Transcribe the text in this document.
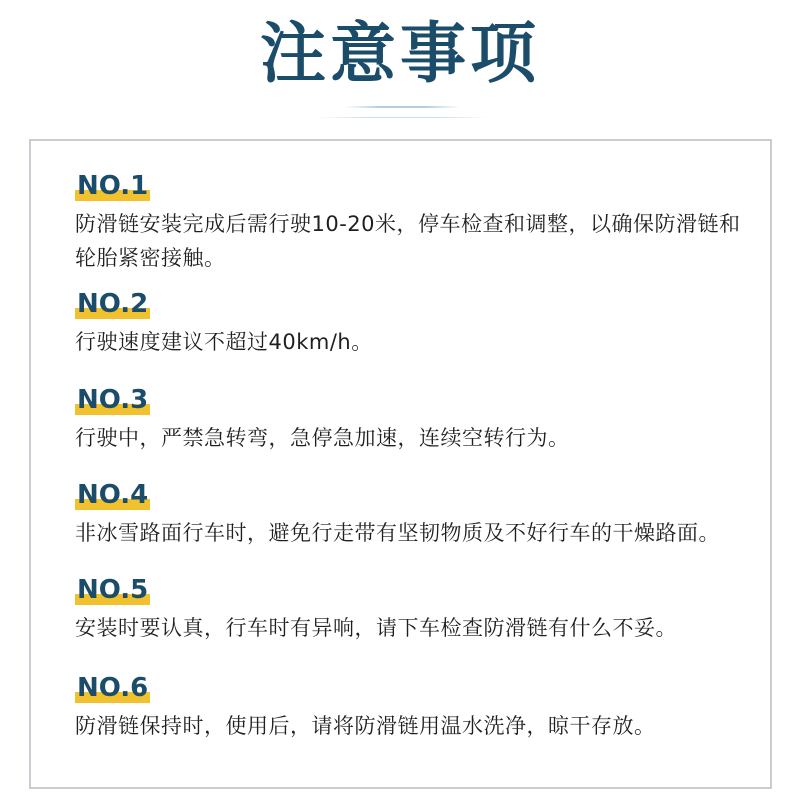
注意事项
NO.1
防滑链安装完成后需行驶10-20米，停车检查和调整，以确保防滑链和轮胎紧密接触。
NO.2
行驶速度建议不超过40km/h。
NO.3
行驶中，严禁急转弯，急停急加速，连续空转行为。
NO.4
非冰雪路面行车时，避免行走带有坚韧物质及不好行车的干燥路面。
NO.5
安装时要认真，行车时有异响，请下车检查防滑链有什么不妥。
NO.6
防滑链保持时，使用后，请将防滑链用温水洗净，晾干存放。
